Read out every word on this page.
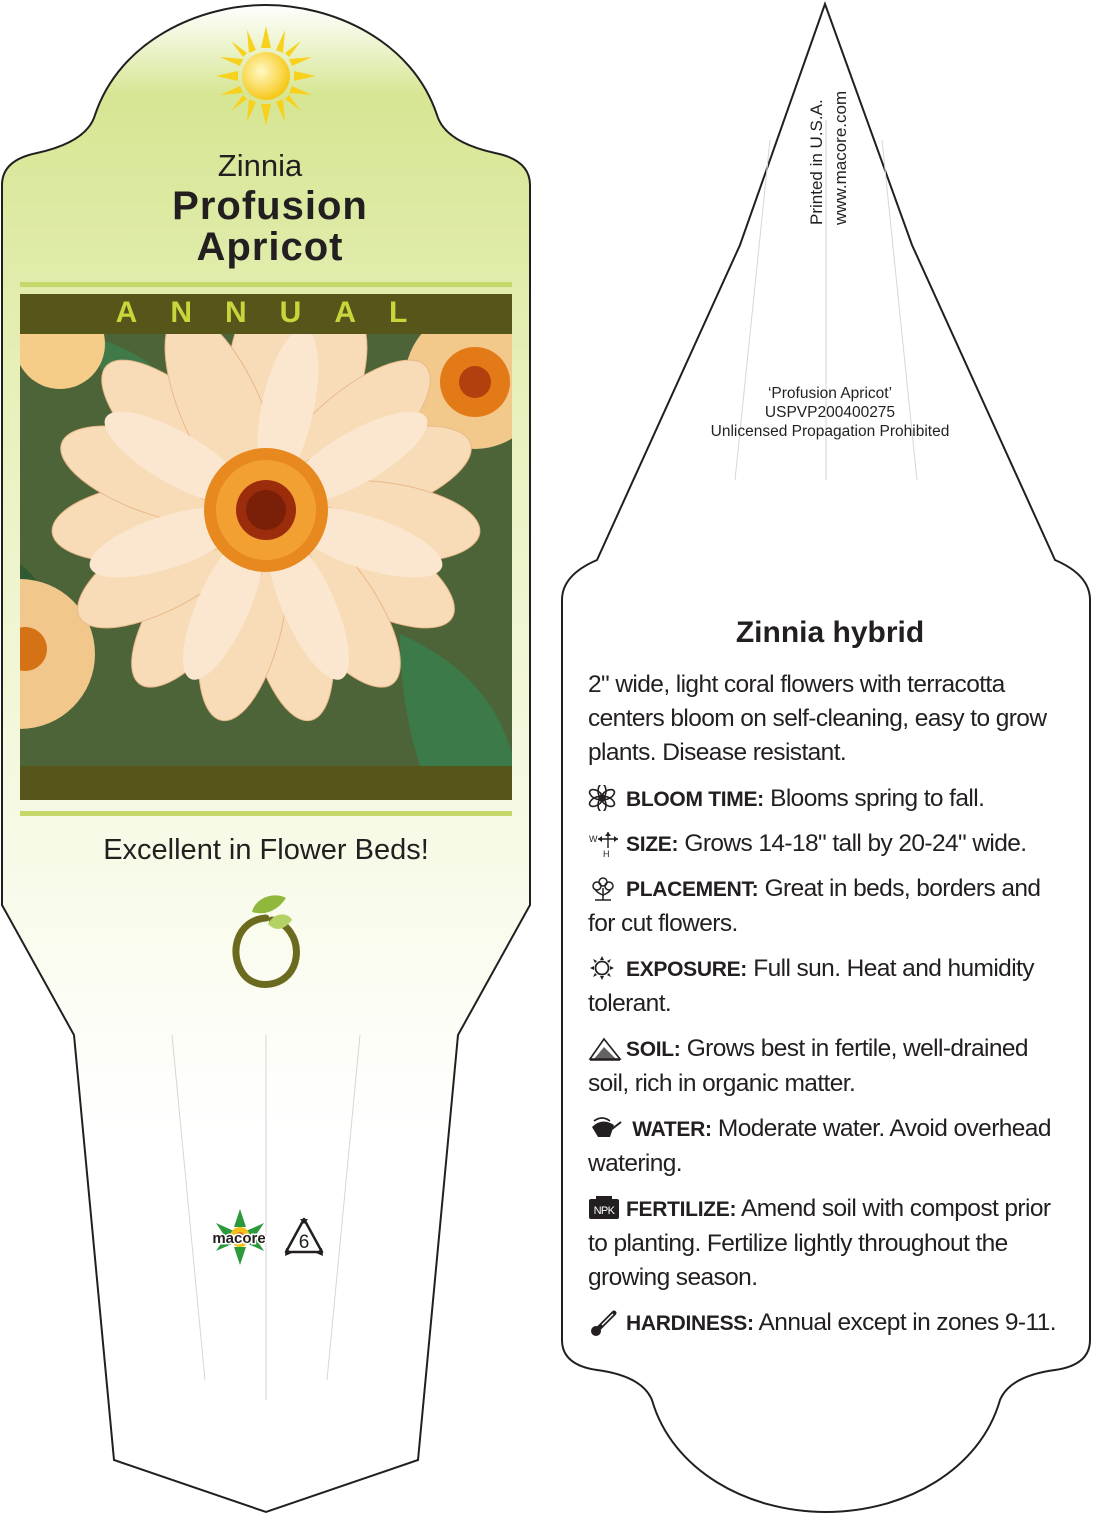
Zinnia
Profusion
Apricot
ANNUAL
Excellent in Flower Beds!
macore 6
Printed in U.S.A. www.macore.com
‘Profusion Apricot’
USPVP200400275
Unlicensed Propagation Prohibited
Zinnia hybrid
2" wide, light coral flowers with terracotta centers bloom on self-cleaning, easy to grow plants. Disease resistant.
BLOOM TIME: Blooms spring to fall.
W
H SIZE: Grows 14-18" tall by 20-24" wide.
PLACEMENT: Great in beds, borders and for cut flowers.
EXPOSURE: Full sun. Heat and humidity tolerant.
SOIL: Grows best in fertile, well-drained soil, rich in organic matter.
WATER: Moderate water. Avoid overhead watering.
NPK FERTILIZE: Amend soil with compost prior to planting. Fertilize lightly throughout the growing season.
HARDINESS: Annual except in zones 9-11.
